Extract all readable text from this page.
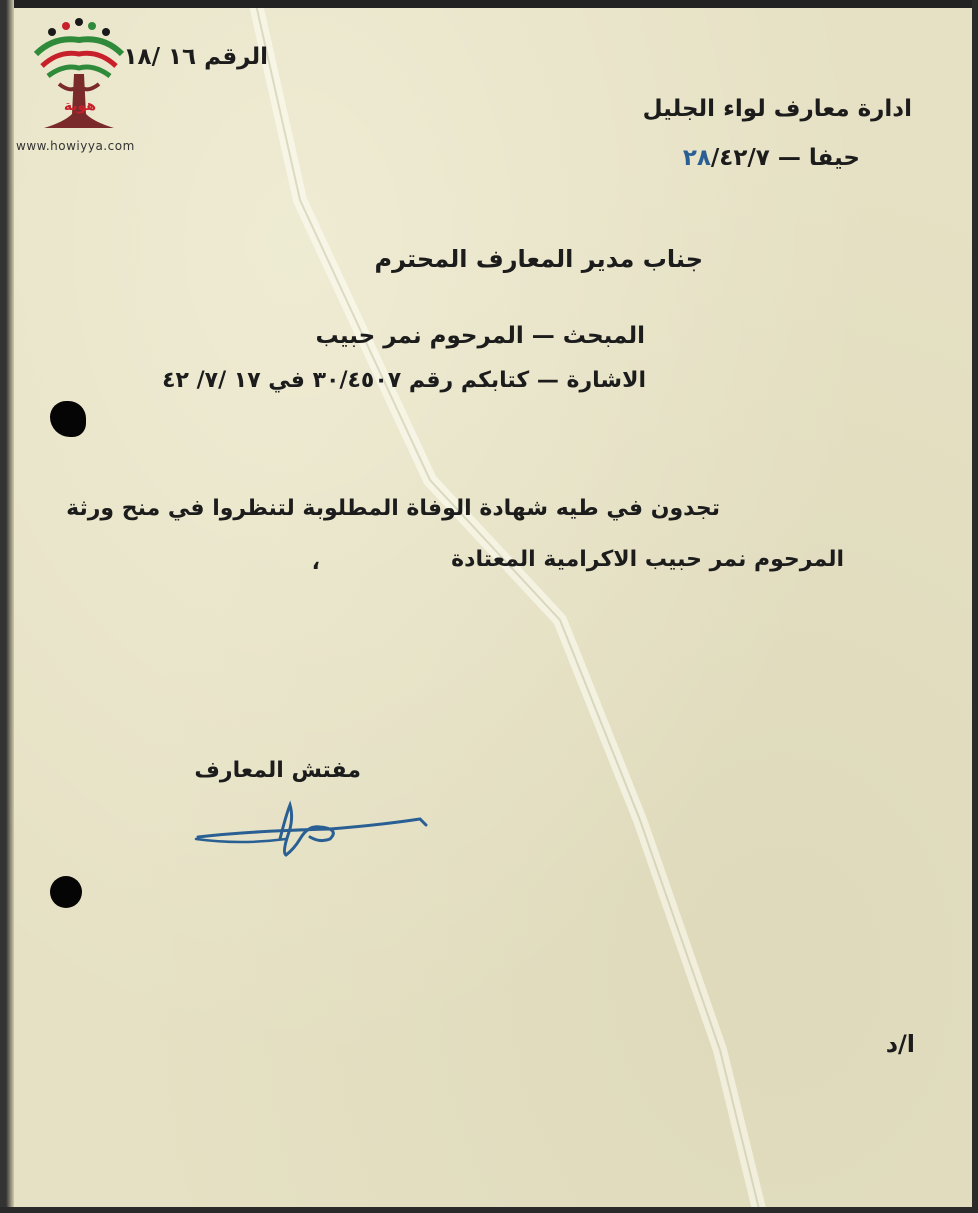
هوية
www.howiyya.com
الرقم ١٦ /١٨
ادارة معارف لواء الجليل
حيفا — ٢٨/٤٢/٧
جناب مدير المعارف المحترم
المبحث — المرحوم نمر حبيب
الاشارة — كتابكم رقم ٣٠/٤٥٠٧ في ١٧ /٧/ ٤٢
تجدون في طيه شهادة الوفاة المطلوبة لتنظروا في منح ورثة
المرحوم نمر حبيب الاكرامية المعتادة
،
مفتش المعارف
ا/د
